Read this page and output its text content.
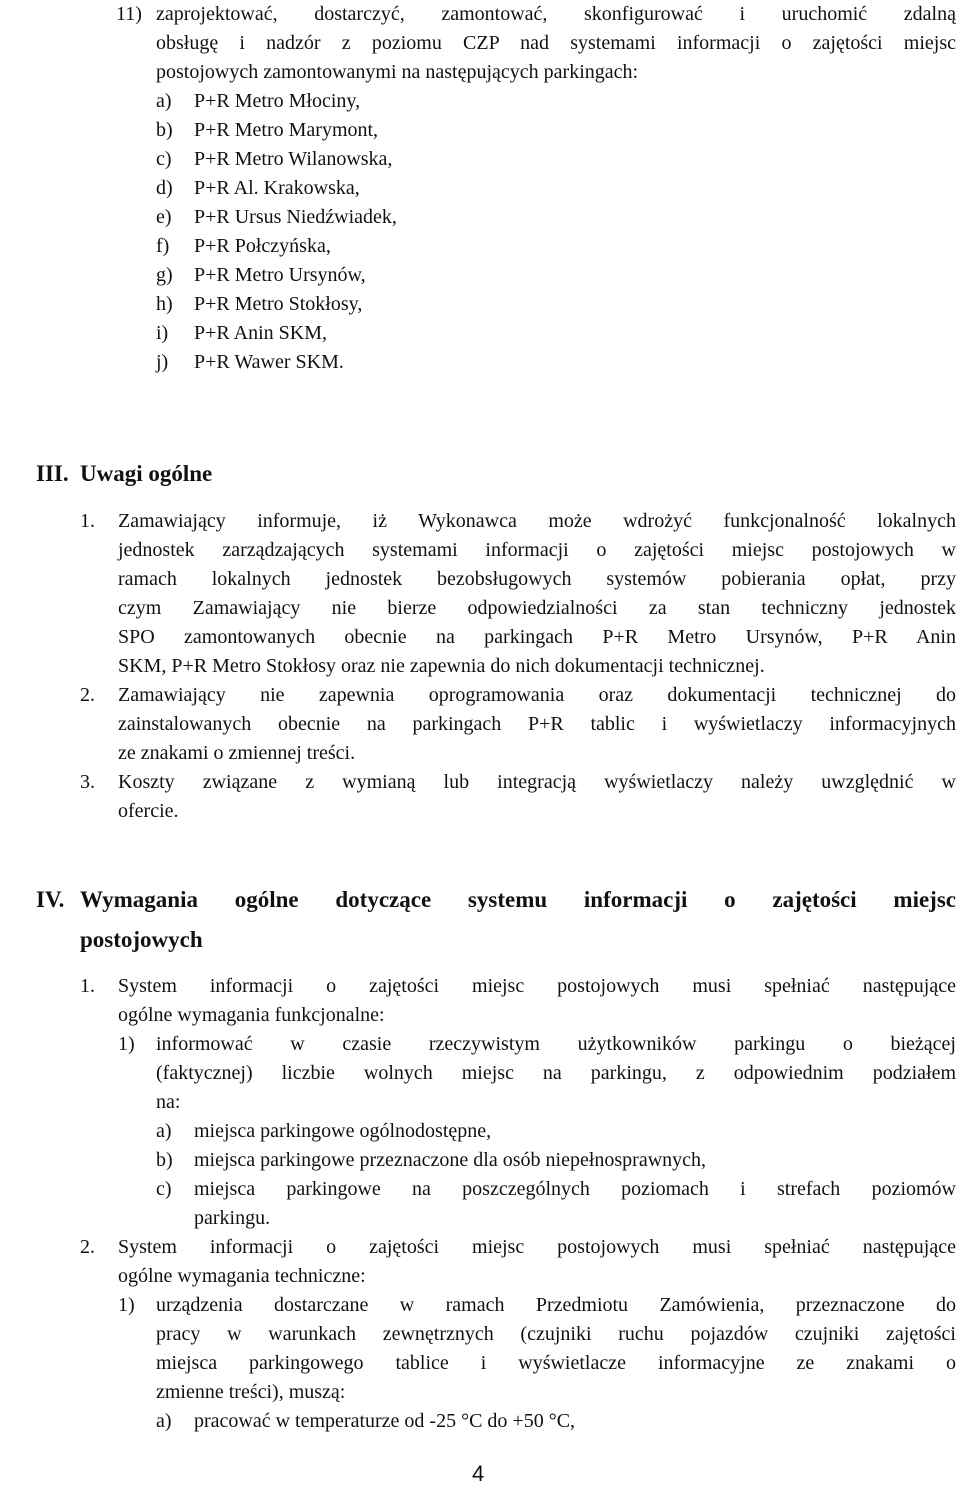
11) zaprojektować, dostarczyć, zamontować, skonfigurować i uruchomić zdalną
obsługę i nadzór z poziomu CZP nad systemami informacji o zajętości miejsc
postojowych zamontowanymi na następujących parkingach:
a) P+R Metro Młociny,
b) P+R Metro Marymont,
c) P+R Metro Wilanowska,
d) P+R Al. Krakowska,
e) P+R Ursus Niedźwiadek,
f) P+R Połczyńska,
g) P+R Metro Ursynów,
h) P+R Metro Stokłosy,
i) P+R Anin SKM,
j) P+R Wawer SKM.
III. Uwagi ogólne
1. Zamawiający informuje, iż Wykonawca może wdrożyć funkcjonalność lokalnych
jednostek zarządzających systemami informacji o zajętości miejsc postojowych w
ramach lokalnych jednostek bezobsługowych systemów pobierania opłat, przy
czym Zamawiający nie bierze odpowiedzialności za stan techniczny jednostek
SPO zamontowanych obecnie na parkingach P+R Metro Ursynów, P+R Anin
SKM, P+R Metro Stokłosy oraz nie zapewnia do nich dokumentacji technicznej.
2. Zamawiający nie zapewnia oprogramowania oraz dokumentacji technicznej do
zainstalowanych obecnie na parkingach P+R tablic i wyświetlaczy informacyjnych
ze znakami o zmiennej treści.
3. Koszty związane z wymianą lub integracją wyświetlaczy należy uwzględnić w
ofercie.
IV. Wymagania ogólne dotyczące systemu informacji o zajętości miejsc
postojowych
1. System informacji o zajętości miejsc postojowych musi spełniać następujące
ogólne wymagania funkcjonalne:
1) informować w czasie rzeczywistym użytkowników parkingu o bieżącej
(faktycznej) liczbie wolnych miejsc na parkingu, z odpowiednim podziałem
na:
a) miejsca parkingowe ogólnodostępne,
b) miejsca parkingowe przeznaczone dla osób niepełnosprawnych,
c) miejsca parkingowe na poszczególnych poziomach i strefach poziomów
parkingu.
2. System informacji o zajętości miejsc postojowych musi spełniać następujące
ogólne wymagania techniczne:
1) urządzenia dostarczane w ramach Przedmiotu Zamówienia, przeznaczone do
pracy w warunkach zewnętrznych (czujniki ruchu pojazdów czujniki zajętości
miejsca parkingowego tablice i wyświetlacze informacyjne ze znakami o
zmienne treści), muszą:
a) pracować w temperaturze od -25 °C do +50 °C,
4
